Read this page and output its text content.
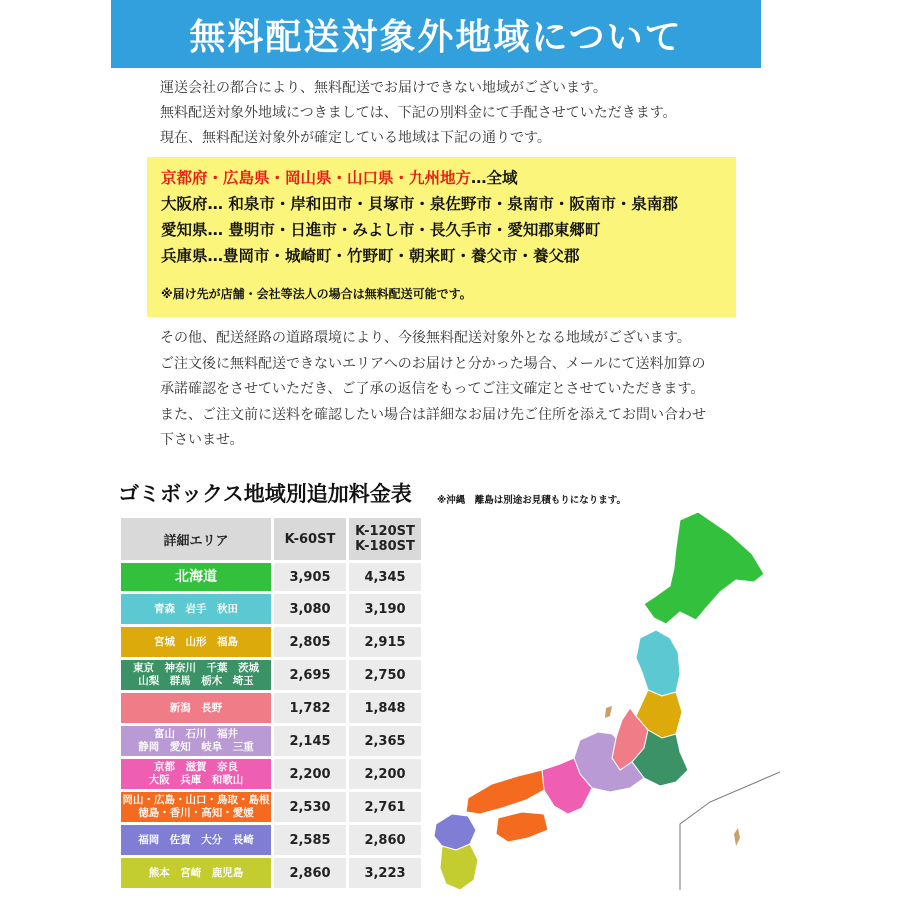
無料配送対象外地域について

運送会社の都合により、無料配送でお届けできない地域がございます。

無料配送対象外地域につきましては、下記の別料金にて手配させていただきます。

現在、無料配送対象外が確定している地域は下記の通りです。

京都府・広島県・岡山県・山口県・九州地方…全域
大阪府… 和泉市・岸和田市・貝塚市・泉佐野市・泉南市・阪南市・泉南郡
愛知県… 豊明市・日進市・みよし市・長久手市・愛知郡東郷町
兵庫県…豊岡市・城崎町・竹野町・朝来町・養父市・養父郡
※届け先が店舗・会社等法人の場合は無料配送可能です。

その他、配送経路の道路環境により、今後無料配送対象外となる地域がございます。

ご注文後に無料配送できないエリアへのお届けと分かった場合、メールにて送料加算の

承諾確認をさせていただき、ご了承の返信をもってご注文確定とさせていただきます。

また、ご注文前に送料を確認したい場合は詳細なお届け先ご住所を添えてお問い合わせ

下さいませ。

ゴミボックス地域別追加料金表	※沖縄　離島は別途お見積もりになります。
詳細エリア	K-60ST	K-120ST
K-180ST
北海道	3,905	4,345
青森　岩手　秋田	3,080	3,190
宮城　山形　福島	2,805	2,915
東京　神奈川　千葉　茨城
山梨　群馬　栃木　埼玉	2,695	2,750
新潟　長野	1,782	1,848
富山　石川　福井
静岡　愛知　岐阜　三重	2,145	2,365
京都　滋賀　奈良
大阪　兵庫　和歌山	2,200	2,200
岡山・広島・山口・鳥取・島根
徳島・香川・高知・愛媛	2,530	2,761
福岡　佐賀　大分　長崎	2,585	2,860
熊本　宮崎　鹿児島	2,860	3,223
